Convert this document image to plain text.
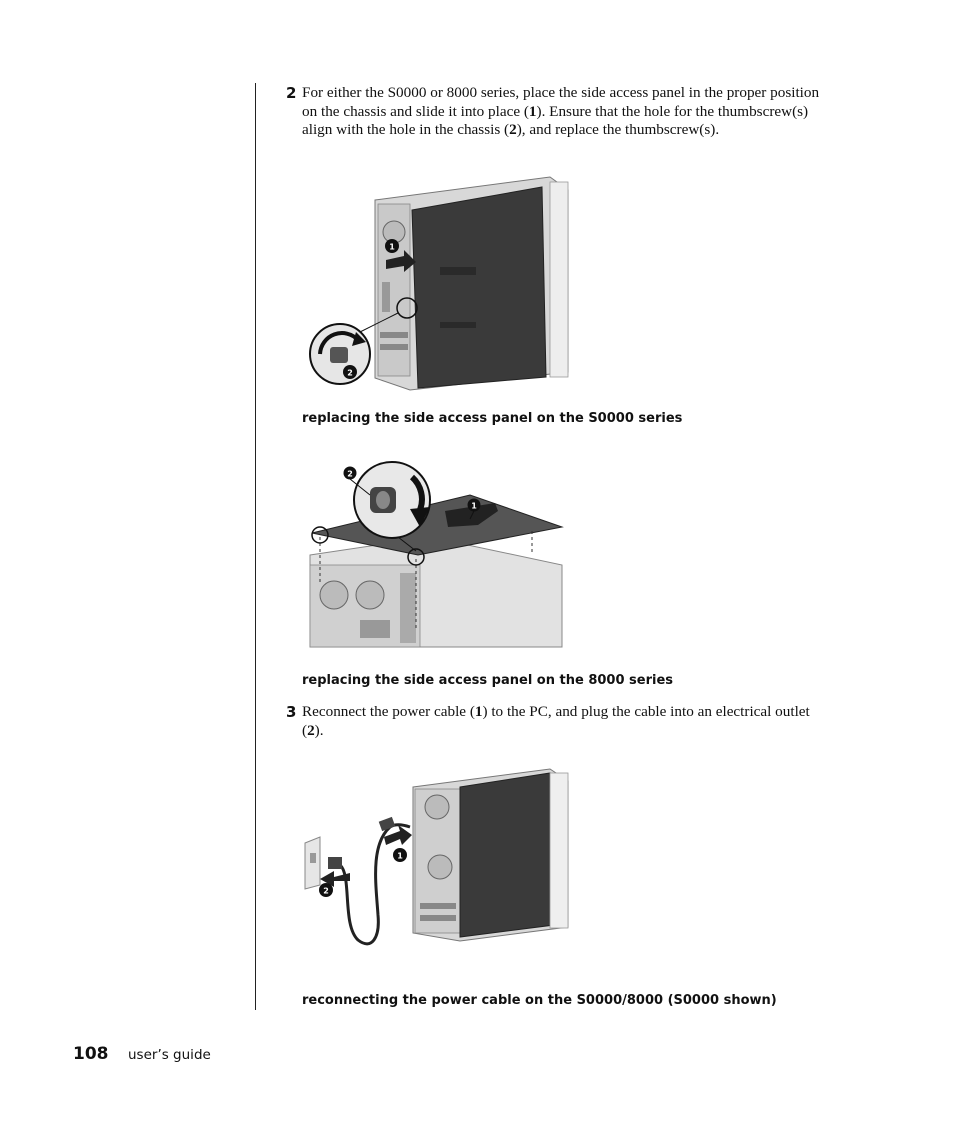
2 For either the S0000 or 8000 series, place the side access panel in the proper position on the chassis and slide it into place (1). Ensure that the hole for the thumbscrew(s) align with the hole in the chassis (2), and replace the thumbscrew(s).
1
2
replacing the side access panel on the S0000 series
2
1
replacing the side access panel on the 8000 series
3 Reconnect the power cable (1) to the PC, and plug the cable into an electrical outlet (2).
1
2
reconnecting the power cable on the S0000/8000 (S0000 shown)
108 user’s guide
